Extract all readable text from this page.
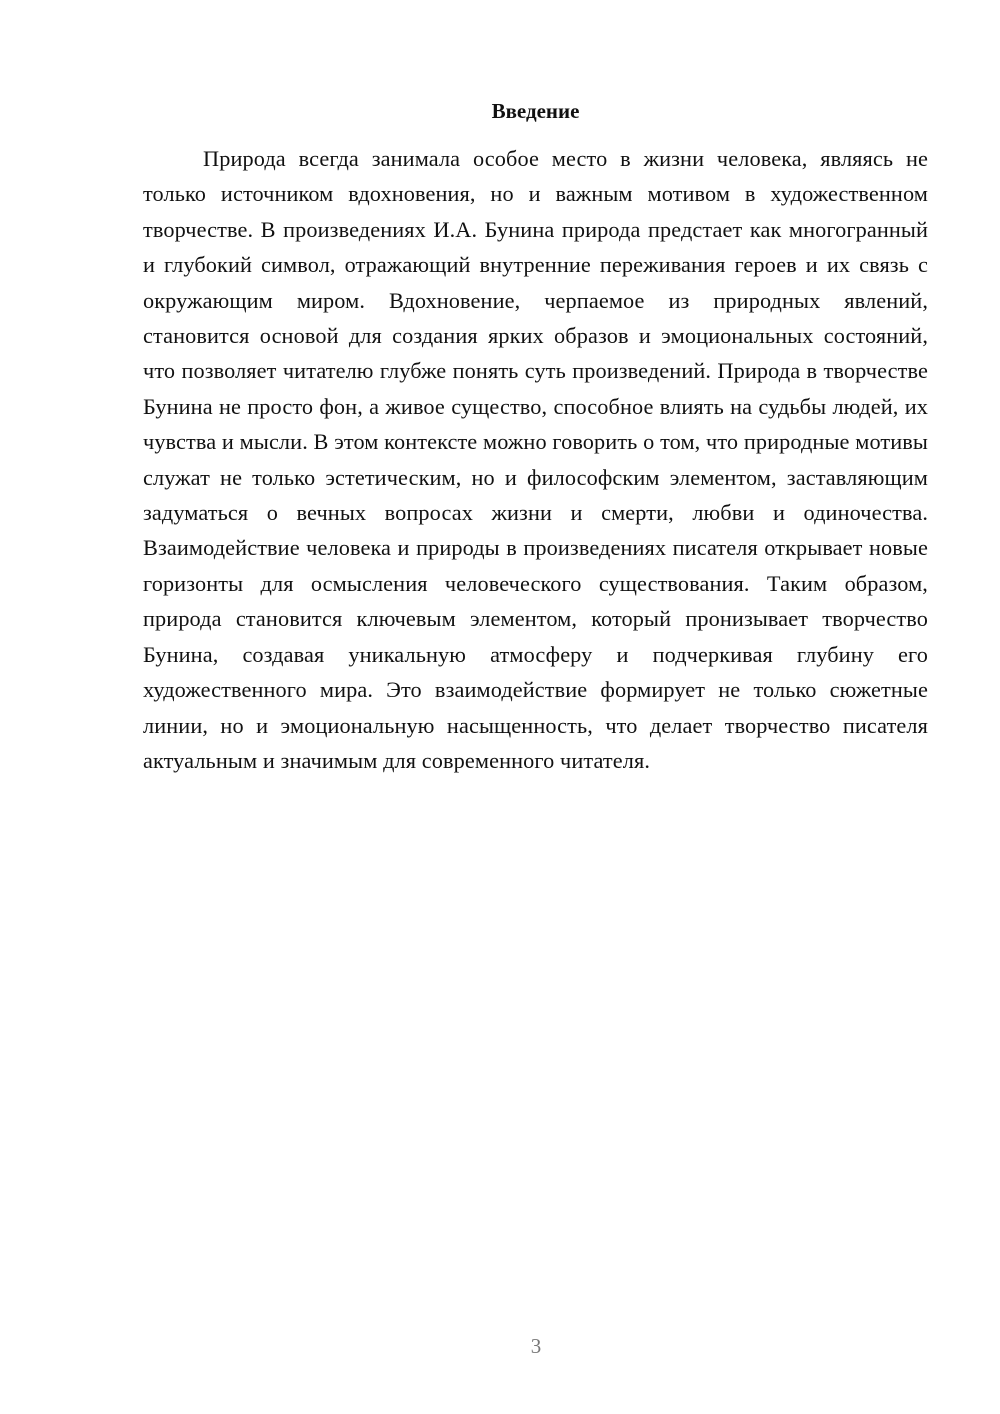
Введение

Природа всегда занимала особое место в жизни человека, являясь не только источником вдохновения, но и важным мотивом в художественном творчестве. В произведениях И.А. Бунина природа предстает как многогранный и глубокий символ, отражающий внутренние переживания героев и их связь с окружающим миром. Вдохновение, черпаемое из природных явлений, становится основой для создания ярких образов и эмоциональных состояний, что позволяет читателю глубже понять суть произведений. Природа в творчестве Бунина не просто фон, а живое существо, способное влиять на судьбы людей, их чувства и мысли. В этом контексте можно говорить о том, что природные мотивы служат не только эстетическим, но и философским элементом, заставляющим задуматься о вечных вопросах жизни и смерти, любви и одиночества. Взаимодействие человека и природы в произведениях писателя открывает новые горизонты для осмысления человеческого существования. Таким образом, природа становится ключевым элементом, который пронизывает творчество Бунина, создавая уникальную атмосферу и подчеркивая глубину его художественного мира. Это взаимодействие формирует не только сюжетные линии, но и эмоциональную насыщенность, что делает творчество писателя актуальным и значимым для современного читателя.

3
